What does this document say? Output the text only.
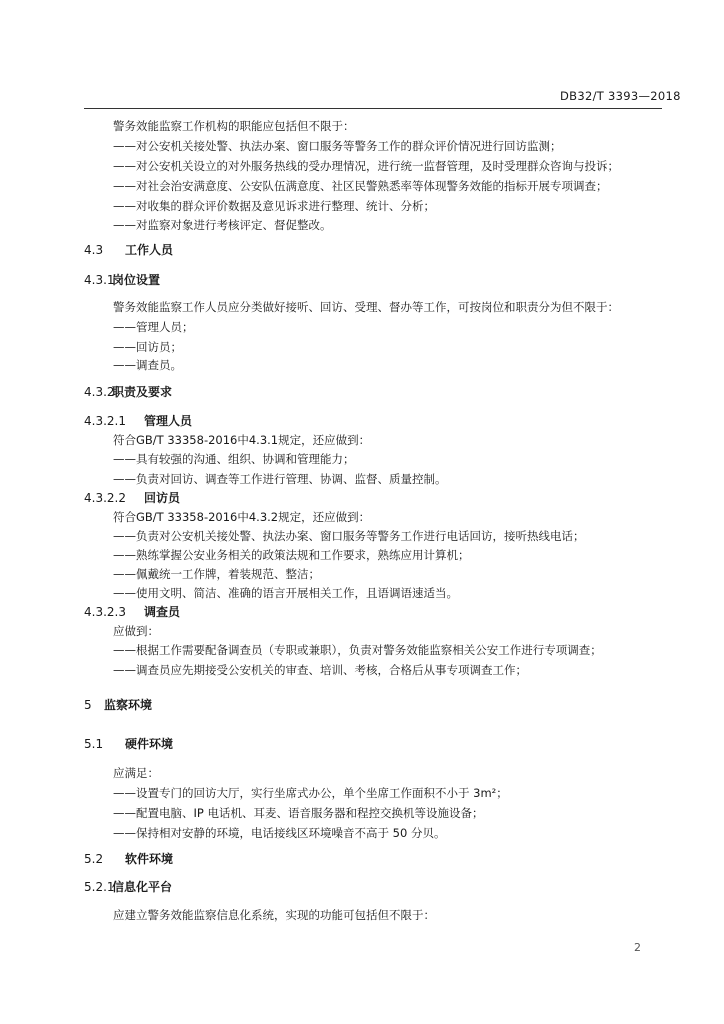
DB32/T 3393—2018
警务效能监察工作机构的职能应包括但不限于：
——对公安机关接处警、执法办案、窗口服务等警务工作的群众评价情况进行回访监测；
——对公安机关设立的对外服务热线的受办理情况，进行统一监督管理，及时受理群众咨询与投诉；
——对社会治安满意度、公安队伍满意度、社区民警熟悉率等体现警务效能的指标开展专项调查；
——对收集的群众评价数据及意见诉求进行整理、统计、分析；
——对监察对象进行考核评定、督促整改。
4.3 工作人员
4.3.1岗位设置
警务效能监察工作人员应分类做好接听、回访、受理、督办等工作，可按岗位和职责分为但不限于：
——管理人员；
——回访员；
——调查员。
4.3.2职责及要求
4.3.2.1 管理人员
符合GB/T 33358-2016中4.3.1规定，还应做到：
——具有较强的沟通、组织、协调和管理能力；
——负责对回访、调查等工作进行管理、协调、监督、质量控制。
4.3.2.2 回访员
符合GB/T 33358-2016中4.3.2规定，还应做到：
——负责对公安机关接处警、执法办案、窗口服务等警务工作进行电话回访，接听热线电话；
——熟练掌握公安业务相关的政策法规和工作要求，熟练应用计算机；
——佩戴统一工作牌，着装规范、整洁；
——使用文明、简洁、准确的语言开展相关工作，且语调语速适当。
4.3.2.3 调查员
应做到：
——根据工作需要配备调查员（专职或兼职），负责对警务效能监察相关公安工作进行专项调查；
——调查员应先期接受公安机关的审查、培训、考核，合格后从事专项调查工作；
5 监察环境
5.1 硬件环境
应满足：
——设置专门的回访大厅，实行坐席式办公，单个坐席工作面积不小于 3m²；
——配置电脑、IP 电话机、耳麦、语音服务器和程控交换机等设施设备；
——保持相对安静的环境，电话接线区环境噪音不高于 50 分贝。
5.2 软件环境
5.2.1信息化平台
应建立警务效能监察信息化系统，实现的功能可包括但不限于：
2
